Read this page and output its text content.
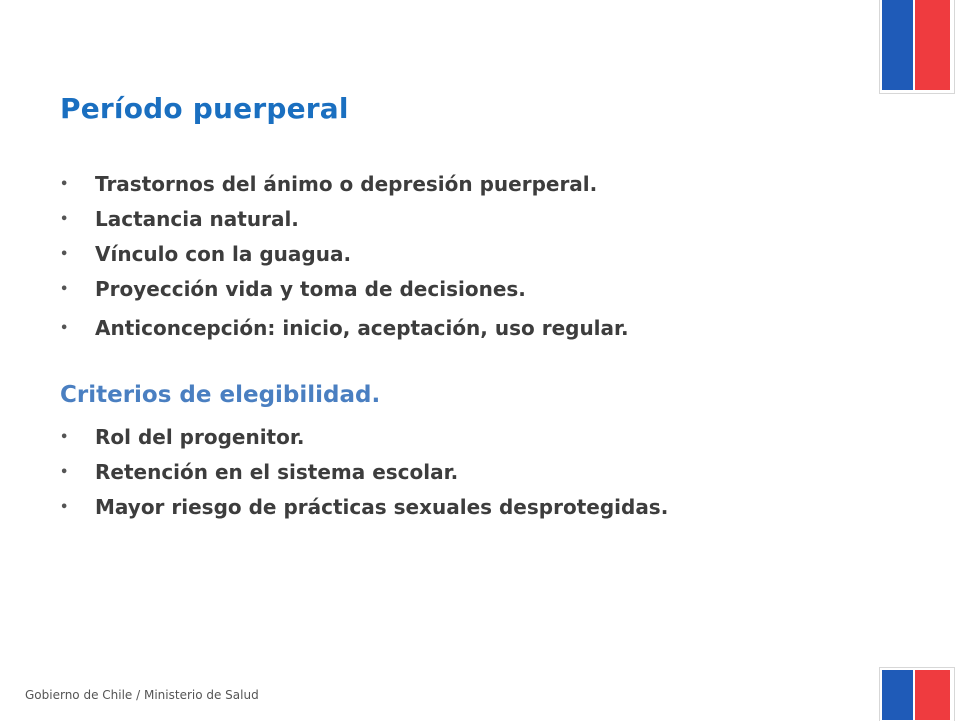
Período puerperal
• Trastornos del ánimo o depresión puerperal.
• Lactancia natural.
• Vínculo con la guagua.
• Proyección vida y toma de decisiones.
• Anticoncepción: inicio, aceptación, uso regular.
Criterios de elegibilidad.
• Rol del progenitor.
• Retención en el sistema escolar.
• Mayor riesgo de prácticas sexuales desprotegidas.
Gobierno de Chile / Ministerio de Salud
